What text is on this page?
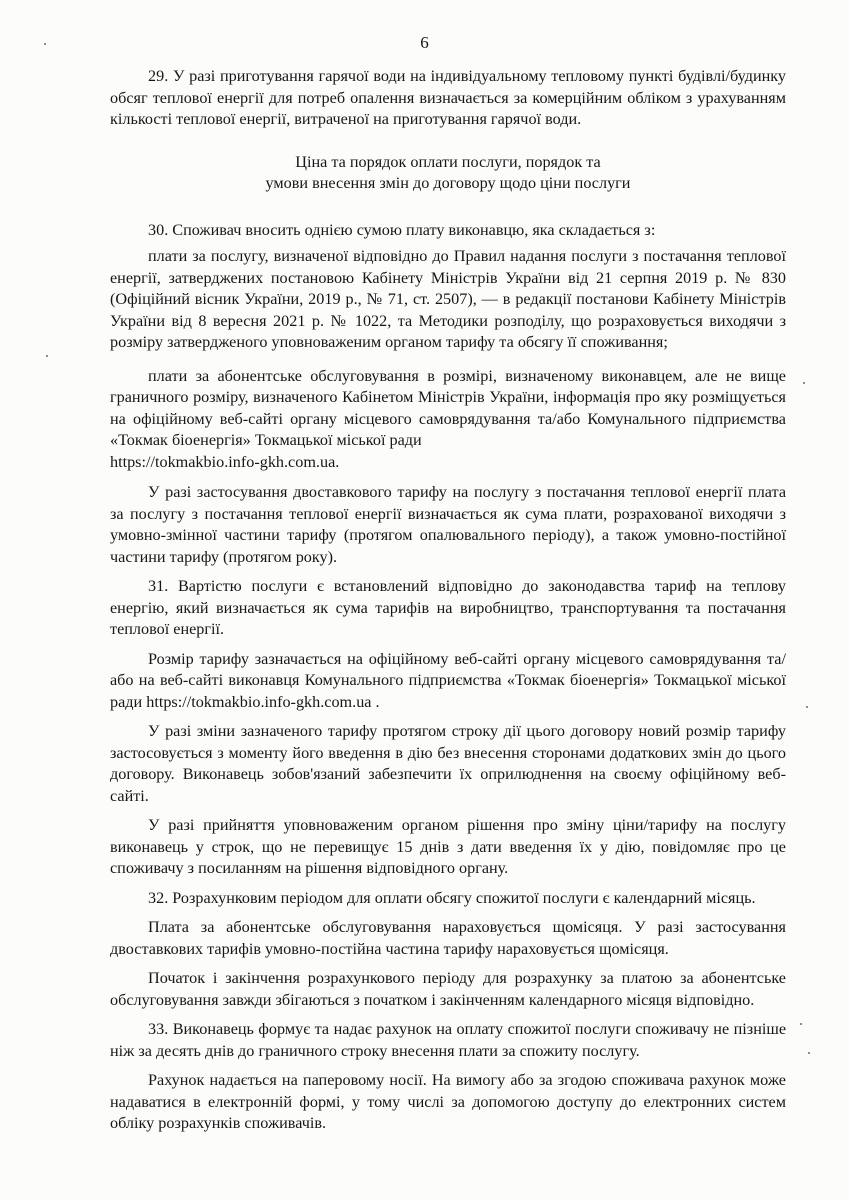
6

29. У разі приготування гарячої води на індивідуальному тепловому пункті будівлі/будинку обсяг теплової енергії для потреб опалення визначається за комерційним обліком з урахуванням кількості теплової енергії, витраченої на приготування гарячої води.

Ціна та порядок оплати послуги, порядок та

умови внесення змін до договору щодо ціни послуги

30. Споживач вносить однією сумою плату виконавцю, яка складається з:

плати за послугу, визначеної відповідно до Правил надання послуги з постачання теплової енергії, затверджених постановою Кабінету Міністрів України від 21 серпня 2019 р. № 830 (Офіційний вісник України, 2019 р., № 71, ст. 2507), — в редакції постанови Кабінету Міністрів України від 8 вересня 2021 р. № 1022, та Методики розподілу, що розраховується виходячи з розміру затвердженого уповноваженим органом тарифу та обсягу її споживання;

плати за абонентське обслуговування в розмірі, визначеному виконавцем, але не вище граничного розміру, визначеного Кабінетом Міністрів України, інформація про яку розміщується на офіційному веб-сайті органу місцевого самоврядування та/або Комунального підприємства «Токмак біоенергія» Токмацької міської ради

https://tokmakbio.info-gkh.com.ua.

У разі застосування двоставкового тарифу на послугу з постачання теплової енергії плата за послугу з постачання теплової енергії визначається як сума плати, розрахованої виходячи з умовно-змінної частини тарифу (протягом опалювального періоду), а також умовно-постійної частини тарифу (протягом року).

31. Вартістю послуги є встановлений відповідно до законодавства тариф на теплову енергію, який визначається як сума тарифів на виробництво, транспортування та постачання теплової енергії.

Розмір тарифу зазначається на офіційному веб-сайті органу місцевого самоврядування та/або на веб-сайті виконавця Комунального підприємства «Токмак біоенергія» Токмацької міської ради https://tokmakbio.info-gkh.com.ua .

У разі зміни зазначеного тарифу протягом строку дії цього договору новий розмір тарифу застосовується з моменту його введення в дію без внесення сторонами додаткових змін до цього договору. Виконавець зобов'язаний забезпечити їх оприлюднення на своєму офіційному веб-сайті.

У разі прийняття уповноваженим органом рішення про зміну ціни/тарифу на послугу виконавець у строк, що не перевищує 15 днів з дати введення їх у дію, повідомляє про це споживачу з посиланням на рішення відповідного органу.

32. Розрахунковим періодом для оплати обсягу спожитої послуги є календарний місяць.

Плата за абонентське обслуговування нараховується щомісяця. У разі застосування двоставкових тарифів умовно-постійна частина тарифу нараховується щомісяця.

Початок і закінчення розрахункового періоду для розрахунку за платою за абонентське обслуговування завжди збігаються з початком і закінченням календарного місяця відповідно.

33. Виконавець формує та надає рахунок на оплату спожитої послуги споживачу не пізніше ніж за десять днів до граничного строку внесення плати за спожиту послугу.

Рахунок надається на паперовому носії. На вимогу або за згодою споживача рахунок може надаватися в електронній формі, у тому числі за допомогою доступу до електронних систем обліку розрахунків споживачів.
